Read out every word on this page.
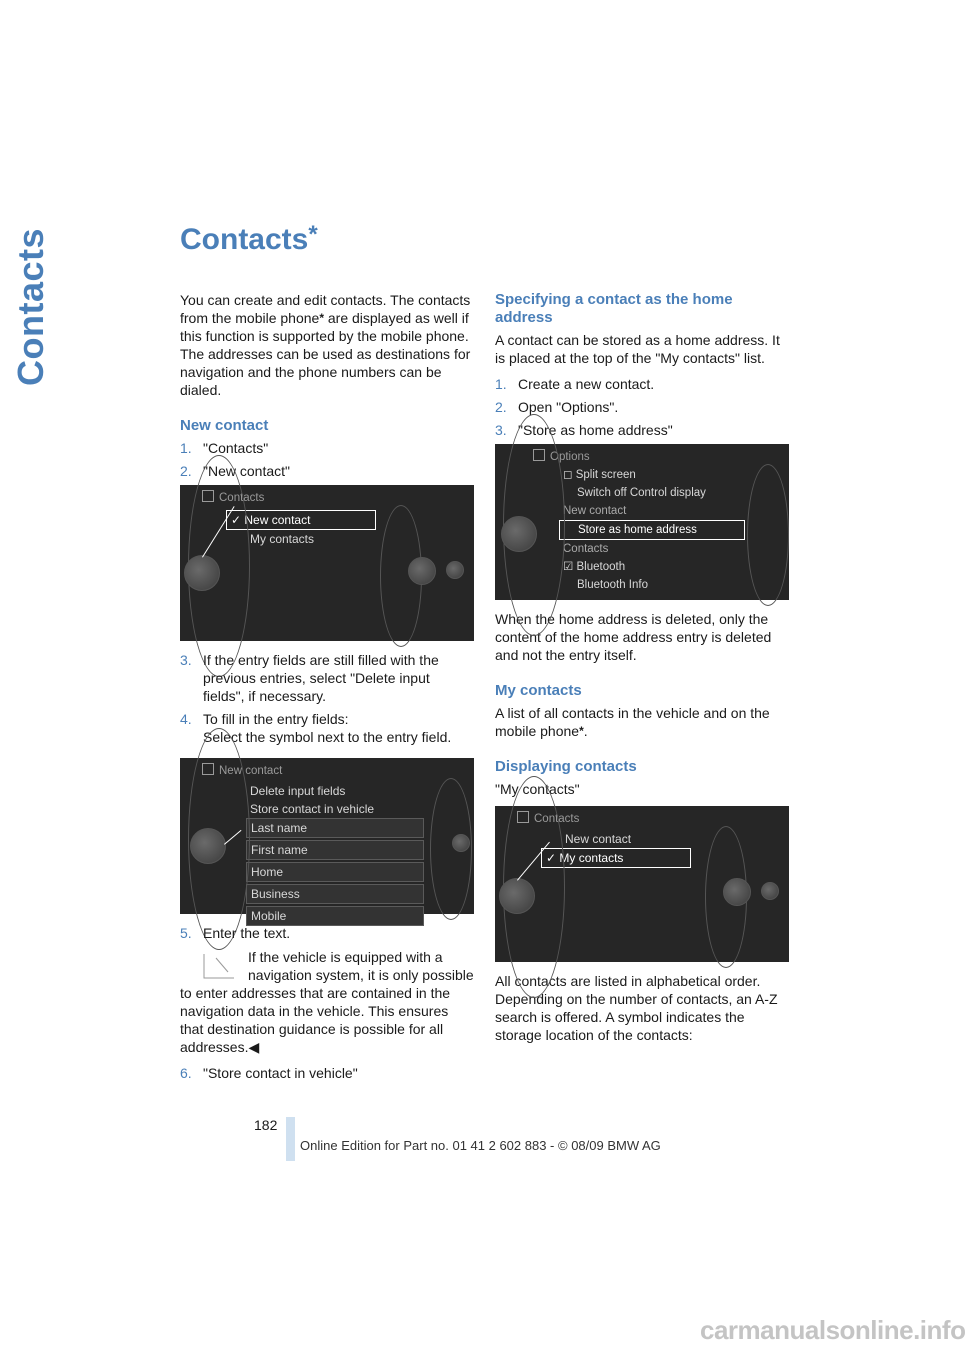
Contacts	Contacts*

You can create and edit contacts. The contacts from the mobile phone* are displayed as well if this function is supported by the mobile phone. The addresses can be used as destinations for navigation and the phone numbers can be dialed.

New contact
1. "Contacts"
2. "New contact"
Contacts
✓ New contact
My contacts
3. If the entry fields are still filled with the previous entries, select "Delete input fields", if necessary.
4. To fill in the entry fields:
Select the symbol next to the entry field.
New contact
Delete input fields
Store contact in vehicle
Last name
First name
Home
Business
Mobile
5. Enter the text.
If the vehicle is equipped with a navigation system, it is only possible to enter addresses that are contained in the navigation data in the vehicle. This ensures that destination guidance is possible for all addresses.◀
6. "Store contact in vehicle"
Specifying a contact as the home address

A contact can be stored as a home address. It is placed at the top of the "My contacts" list.

1. Create a new contact.
2. Open "Options".
3. "Store as home address"
Options
◻ Split screen
Switch off Control display
New contact
Store as home address
Contacts
☑ Bluetooth
Bluetooth Info

When the home address is deleted, only the content of the home address entry is deleted and not the entry itself.

My contacts

A list of all contacts in the vehicle and on the mobile phone*.

Displaying contacts

"My contacts"

Contacts
New contact
✓ My contacts

All contacts are listed in alphabetical order. Depending on the number of contacts, an A-Z search is offered. A symbol indicates the storage location of the contacts:

182
Online Edition for Part no. 01 41 2 602 883 - © 08/09 BMW AG
carmanualsonline.info
